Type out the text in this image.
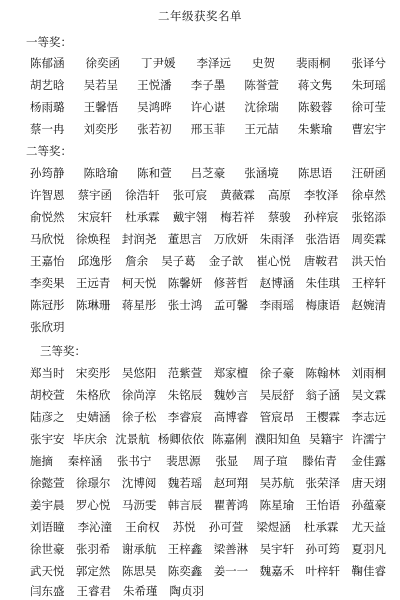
二年级获奖名单
一等奖：
陈郁涵 徐奕函 丁尹媛 李泽远 史贺 裴雨桐 张译兮
胡艺晗 吴若呈 王悦潘 李子墨 陈誉萱 蒋文隽 朱珂瑶
杨雨璐 王馨悟 吴鸿晔 许心谌 沈徐瑞 陈毅蓉 徐可莹
蔡一冉 刘奕彤 张若初 邢玉菲 王元喆 朱紫瑜 曹宏宇
二等奖：
孙筠静 陈晗瑜 陈和萱 吕芝豪 张涵境 陈思语 汪研函
许智恩 蔡宇函 徐浩轩 张可宸 黄薇霖 高原 李牧泽 徐卓然
俞悦然 宋宸轩 杜承霖 戴宇翎 梅若祥 蔡骏 孙梓宸 张铭添
马欣悦 徐焕程 封润尧 董思言 万欣妍 朱雨泽 张浩语 周奕霖
王嘉怡 邱逸彤 詹余 吴子葛 金子歆 崔心悦 唐鞍君 洪天怡
李奕果 王远青 柯天悦 陈馨妍 修菩哲 赵博涵 朱佳琪 王梓轩
陈冠彤 陈琳珊 蒋星彤 张士鸿 孟可馨 李雨瑶 梅康语 赵婉清
张欣玥
三等奖：
郑当时 宋奕彤 吴悠阳 范紫萱 郑家檀 徐子豪 陈翰林 刘雨桐
胡校萱 朱格欣 徐尚淳 朱铭辰 魏妙言 吴辰舒 翁子涵 吴文霖
陆彦之 史婧涵 徐子松 李睿宸 高博睿 管宸昂 王樱霖 李志远
张宇安 毕庆余 沈景航 杨卿依依 陈嘉俐 濮阳知鱼 吴籍宇 许濡宁
施摘 秦梓涵 张书宁 裴思源 张显 周子瑄 滕佑青 金佳露
徐懿萱 徐璟尔 沈博阅 魏若瑶 赵珂翔 吴苏航 张荣泽 唐天翊
姜宇晨 罗心悦 马沥雯 韩言辰 瞿菁鸿 陈星瑜 王怡语 孙蕴豪
刘语瞳 李沁潼 王俞权 苏悦 孙可萱 梁煜涵 杜承霖 尤天益
徐世豪 张羽希 谢承航 王梓鑫 梁善淋 吴宇轩 孙可筠 夏羽凡
武天悦 郭定然 陈思昊 陈奕鑫 姜一一 魏嘉禾 叶梓轩 鞠佳睿
闫东盛 王睿君 朱希瑾 陶贞羽
